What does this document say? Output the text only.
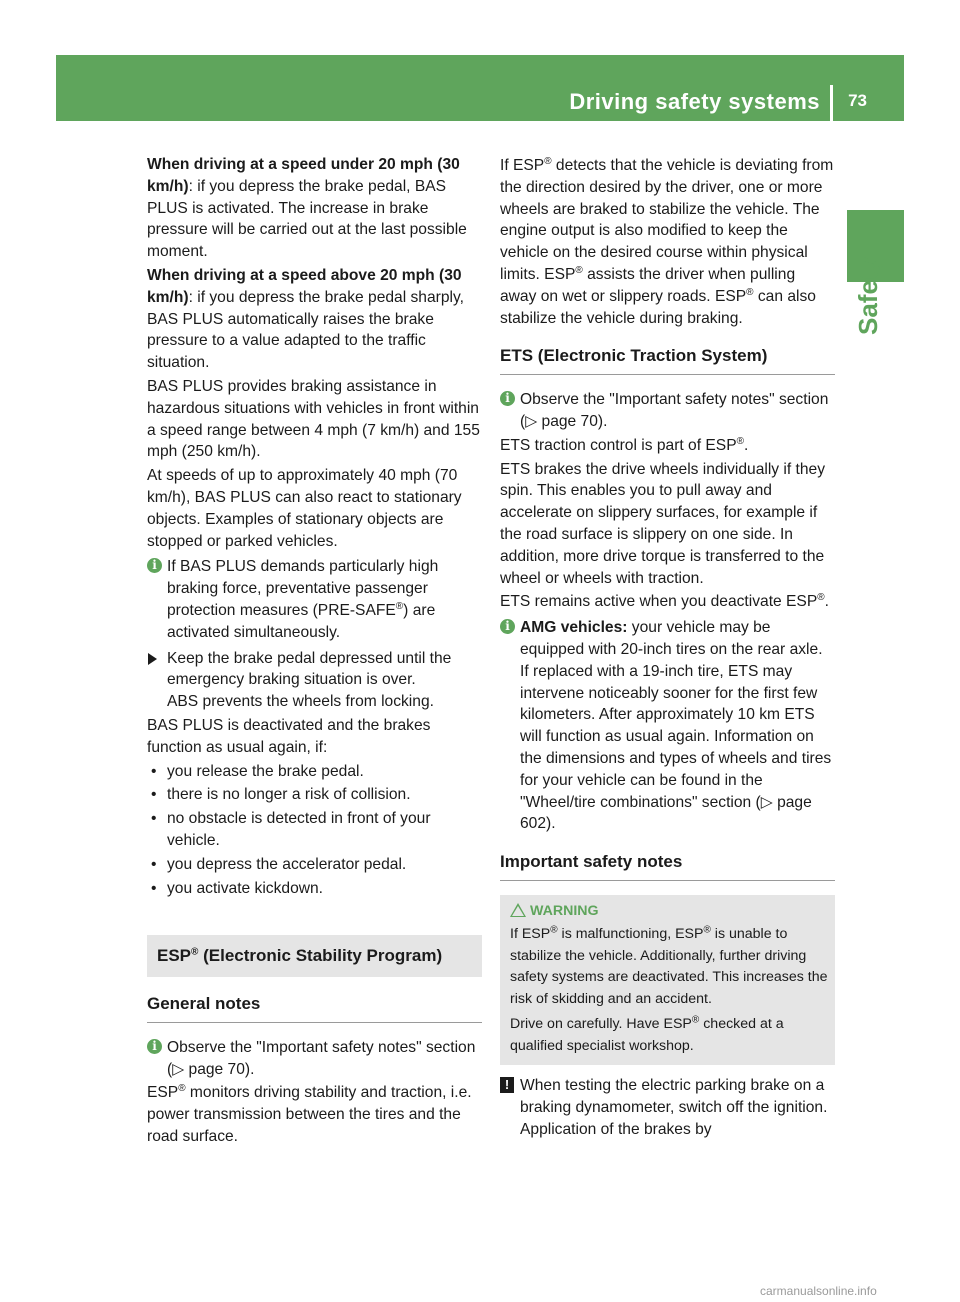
Driving safety systems 73
Safety

When driving at a speed under 20 mph (30 km/h): if you depress the brake pedal, BAS PLUS is activated. The increase in brake pressure will be carried out at the last possible moment.

When driving at a speed above 20 mph (30 km/h): if you depress the brake pedal sharply, BAS PLUS automatically raises the brake pressure to a value adapted to the traffic situation.

BAS PLUS provides braking assistance in hazardous situations with vehicles in front within a speed range between 4 mph (7 km/h) and 155 mph (250 km/h).

At speeds of up to approximately 40 mph (70 km/h), BAS PLUS can also react to stationary objects. Examples of stationary objects are stopped or parked vehicles.

i If BAS PLUS demands particularly high braking force, preventative passenger protection measures (PRE-SAFE®) are activated simultaneously.
Keep the brake pedal depressed until the emergency braking situation is over.
ABS prevents the wheels from locking.

BAS PLUS is deactivated and the brakes function as usual again, if:

• you release the brake pedal.
• there is no longer a risk of collision.
• no obstacle is detected in front of your vehicle.
• you depress the accelerator pedal.
• you activate kickdown.
ESP® (Electronic Stability Program)
General notes
i Observe the "Important safety notes" section (▷ page 70).

ESP® monitors driving stability and traction, i.e. power transmission between the tires and the road surface.

If ESP® detects that the vehicle is deviating from the direction desired by the driver, one or more wheels are braked to stabilize the vehicle. The engine output is also modified to keep the vehicle on the desired course within physical limits. ESP® assists the driver when pulling away on wet or slippery roads. ESP® can also stabilize the vehicle during braking.

ETS (Electronic Traction System)
i Observe the "Important safety notes" section (▷ page 70).

ETS traction control is part of ESP®.

ETS brakes the drive wheels individually if they spin. This enables you to pull away and accelerate on slippery surfaces, for example if the road surface is slippery on one side. In addition, more drive torque is transferred to the wheel or wheels with traction.

ETS remains active when you deactivate ESP®.

i AMG vehicles: your vehicle may be equipped with 20-inch tires on the rear axle. If replaced with a 19-inch tire, ETS may intervene noticeably sooner for the first few kilometers. After approximately 10 km ETS will function as usual again. Information on the dimensions and types of wheels and tires for your vehicle can be found in the "Wheel/tire combinations" section (▷ page 602).
Important safety notes
WARNING
If ESP® is malfunctioning, ESP® is unable to stabilize the vehicle. Additionally, further driving safety systems are deactivated. This increases the risk of skidding and an accident.
Drive on carefully. Have ESP® checked at a qualified specialist workshop.
! When testing the electric parking brake on a braking dynamometer, switch off the ignition. Application of the brakes by
carmanualsonline.info
